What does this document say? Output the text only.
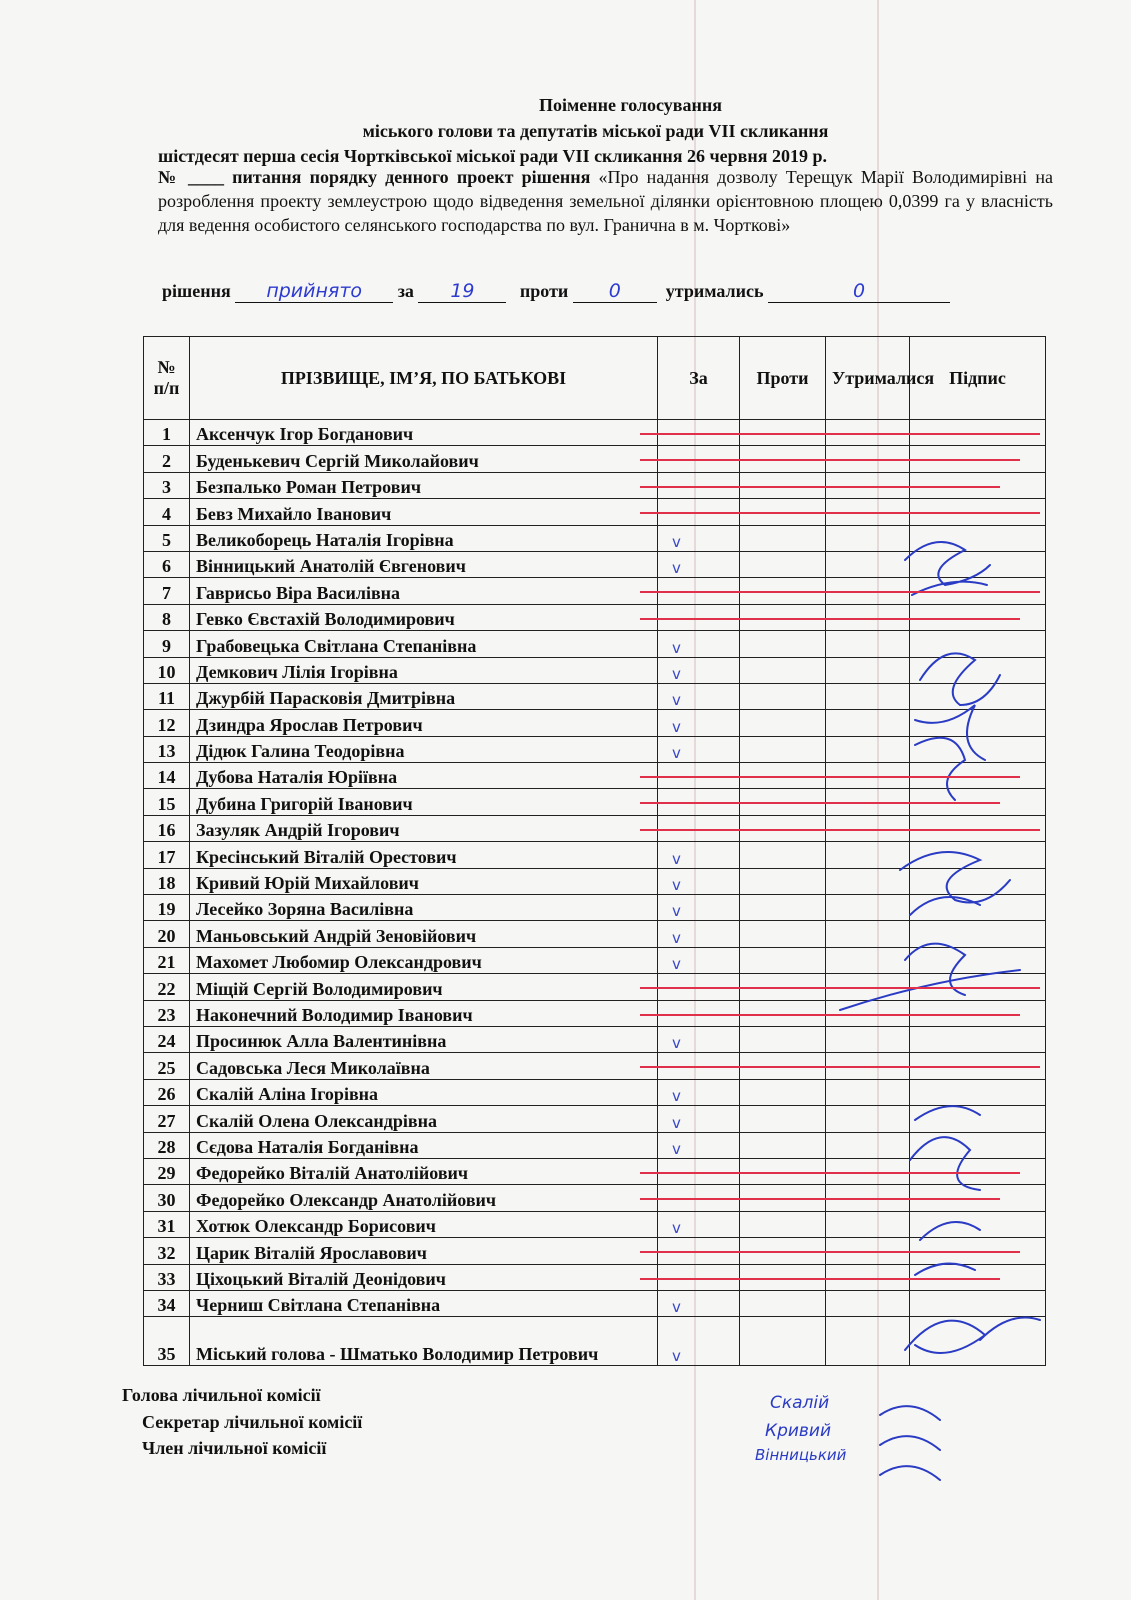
Поіменне голосування
міського голови та депутатів міської ради VII скликання
шістдесят перша сесія Чортківської міської ради VII скликання 26 червня 2019 р.
№ ____ питання порядку денного проект рішення «Про надання дозволу Терещук Марії Володимирівні на розроблення проекту землеустрою щодо відведення земельної ділянки орієнтовною площею 0,0399 га у власність для ведення особистого селянського господарства по вул. Гранична в м. Чорткові»
рішення прийнято за 19	проти 0 утримались	0
№ п/п	ПРІЗВИЩЕ, ІМ’Я, ПО БАТЬКОВІ	За	Проти	Утрималися	Підпис
1	Аксенчук Ігор Богданович				
2	Буденькевич Сергій Миколайович				
3	Безпалько Роман Петрович				
4	Бевз Михайло Іванович				
5	Великоборець Наталія Ігорівна	v			
6	Вінницький Анатолій Євгенович	v			
7	Гаврисьо Віра Василівна				
8	Гевко Євстахій Володимирович				
9	Грабовецька Світлана Степанівна	v			
10	Демкович Лілія Ігорівна	v			
11	Джурбій Парасковія Дмитрівна	v			
12	Дзиндра Ярослав Петрович	v			
13	Дідюк Галина Теодорівна	v			
14	Дубова Наталія Юріївна				
15	Дубина Григорій Іванович				
16	Зазуляк Андрій Ігорович				
17	Кресінський Віталій Орестович	v			
18	Кривий Юрій Михайлович	v			
19	Лесейко Зоряна Василівна	v			
20	Маньовський Андрій Зеновійович	v			
21	Махомет Любомир Олександрович	v			
22	Міщій Сергій Володимирович				
23	Наконечний Володимир Іванович				
24	Просинюк Алла Валентинівна	v			
25	Садовська Леся Миколаївна				
26	Скалій Аліна Ігорівна	v			
27	Скалій Олена Олександрівна	v			
28	Сєдова Наталія Богданівна	v			
29	Федорейко Віталій Анатолійович				
30	Федорейко Олександр Анатолійович				
31	Хотюк Олександр Борисович	v			
32	Царик Віталій Ярославович				
33	Ціхоцький Віталій Деонідович				
34	Черниш Світлана Степанівна	v			
35	Міський голова - Шматько Володимир Петрович	v			
Голова лічильної комісії
Секретар лічильної комісії
Член лічильної комісії
Скалій
Кривий
Вінницький
